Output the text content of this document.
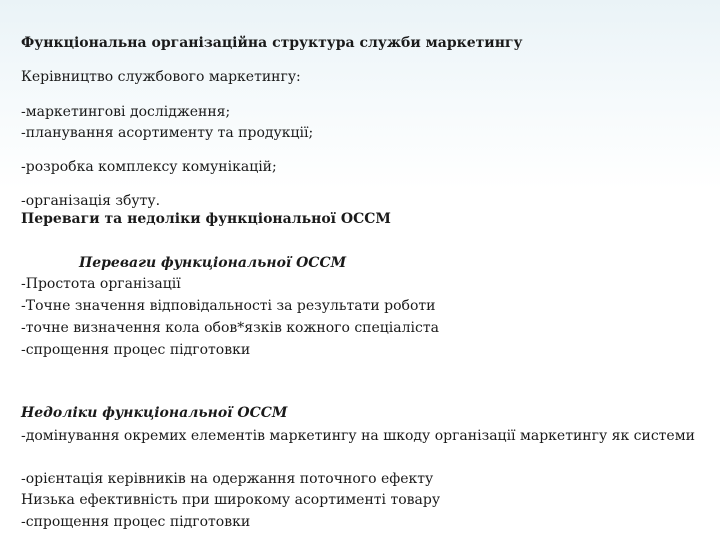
Функціональна організаційна структура служби маркетингу
Керівництво службового маркетингу:
-маркетингові дослідження;
-планування асортименту та продукції;
-розробка комплексу комунікацій;
-організація збуту.
Переваги та недоліки функціональної ОССМ
Переваги функціональної ОССМ
-Простота організації
-Точне значення відповідальності за результати роботи
-точне визначення кола обов*язків кожного спеціаліста
-спрощення процес підготовки
Недоліки функціональної ОССМ
-домінування окремих елементів маркетингу на шкоду організації маркетингу як системи
-орієнтація керівників на одержання поточного ефекту
Низька ефективність при широкому асортименті товару
-спрощення процес підготовки
